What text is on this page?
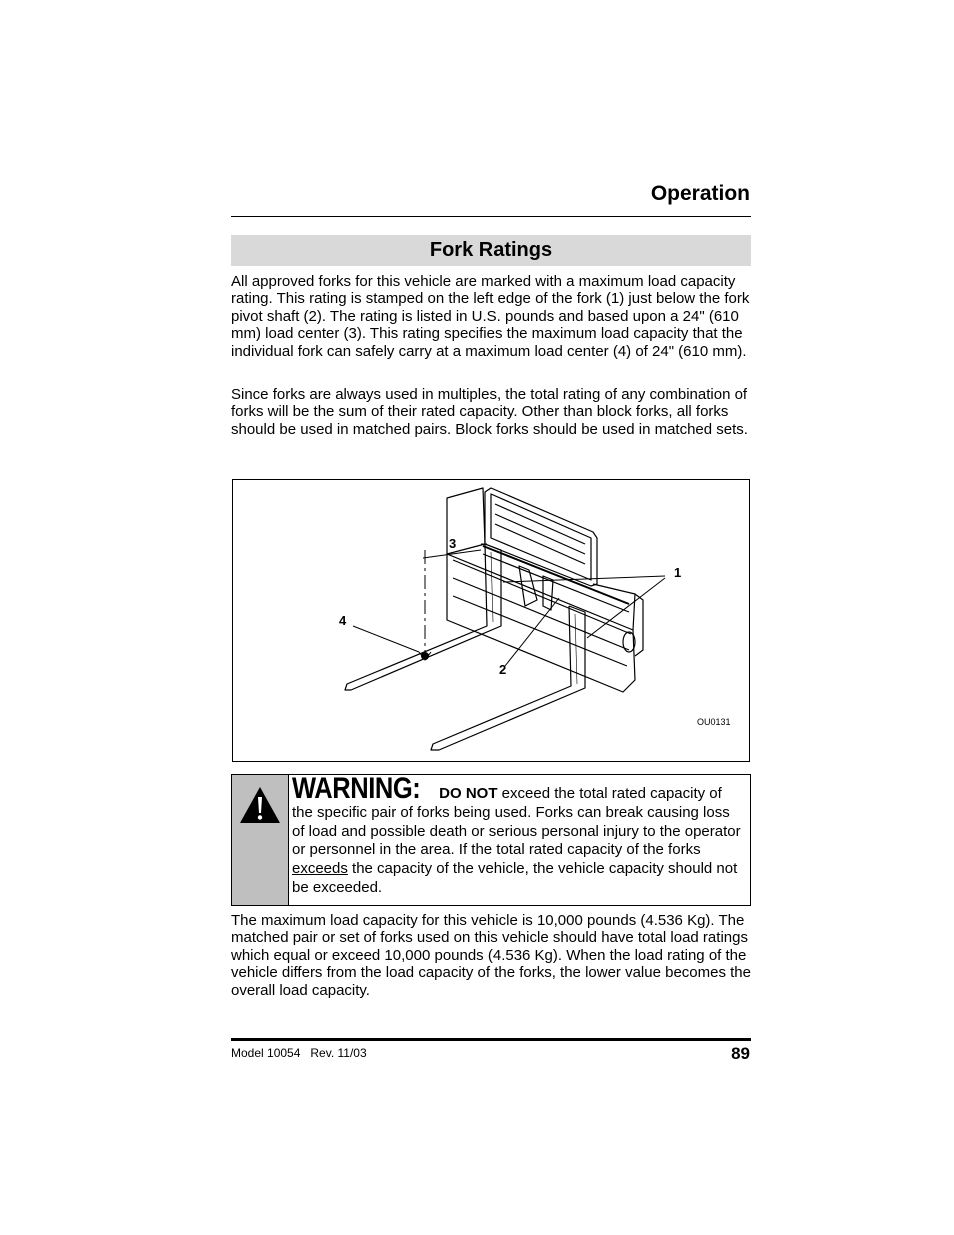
Operation
Fork Ratings
All approved forks for this vehicle are marked with a maximum load capacity rating. This rating is stamped on the left edge of the fork (1) just below the fork pivot shaft (2). The rating is listed in U.S. pounds and based upon a 24" (610 mm) load center (3). This rating specifies the maximum load capacity that the individual fork can safely carry at a maximum load center (4) of 24" (610 mm).
Since forks are always used in multiples, the total rating of any combination of forks will be the sum of their rated capacity. Other than block forks, all forks should be used in matched pairs. Block forks should be used in matched sets.
3
1
4
2
OU0131
WARNING: DO NOT exceed the total rated capacity of the specific pair of forks being used. Forks can break causing loss of load and possible death or serious personal injury to the operator or personnel in the area. If the total rated capacity of the forks exceeds the capacity of the vehicle, the vehicle capacity should not be exceeded.
The maximum load capacity for this vehicle is 10,000 pounds (4.536 Kg). The matched pair or set of forks used on this vehicle should have total load ratings which equal or exceed 10,000 pounds (4.536 Kg). When the load rating of the vehicle differs from the load capacity of the forks, the lower value becomes the overall load capacity.
Model 10054 Rev. 11/03	89
